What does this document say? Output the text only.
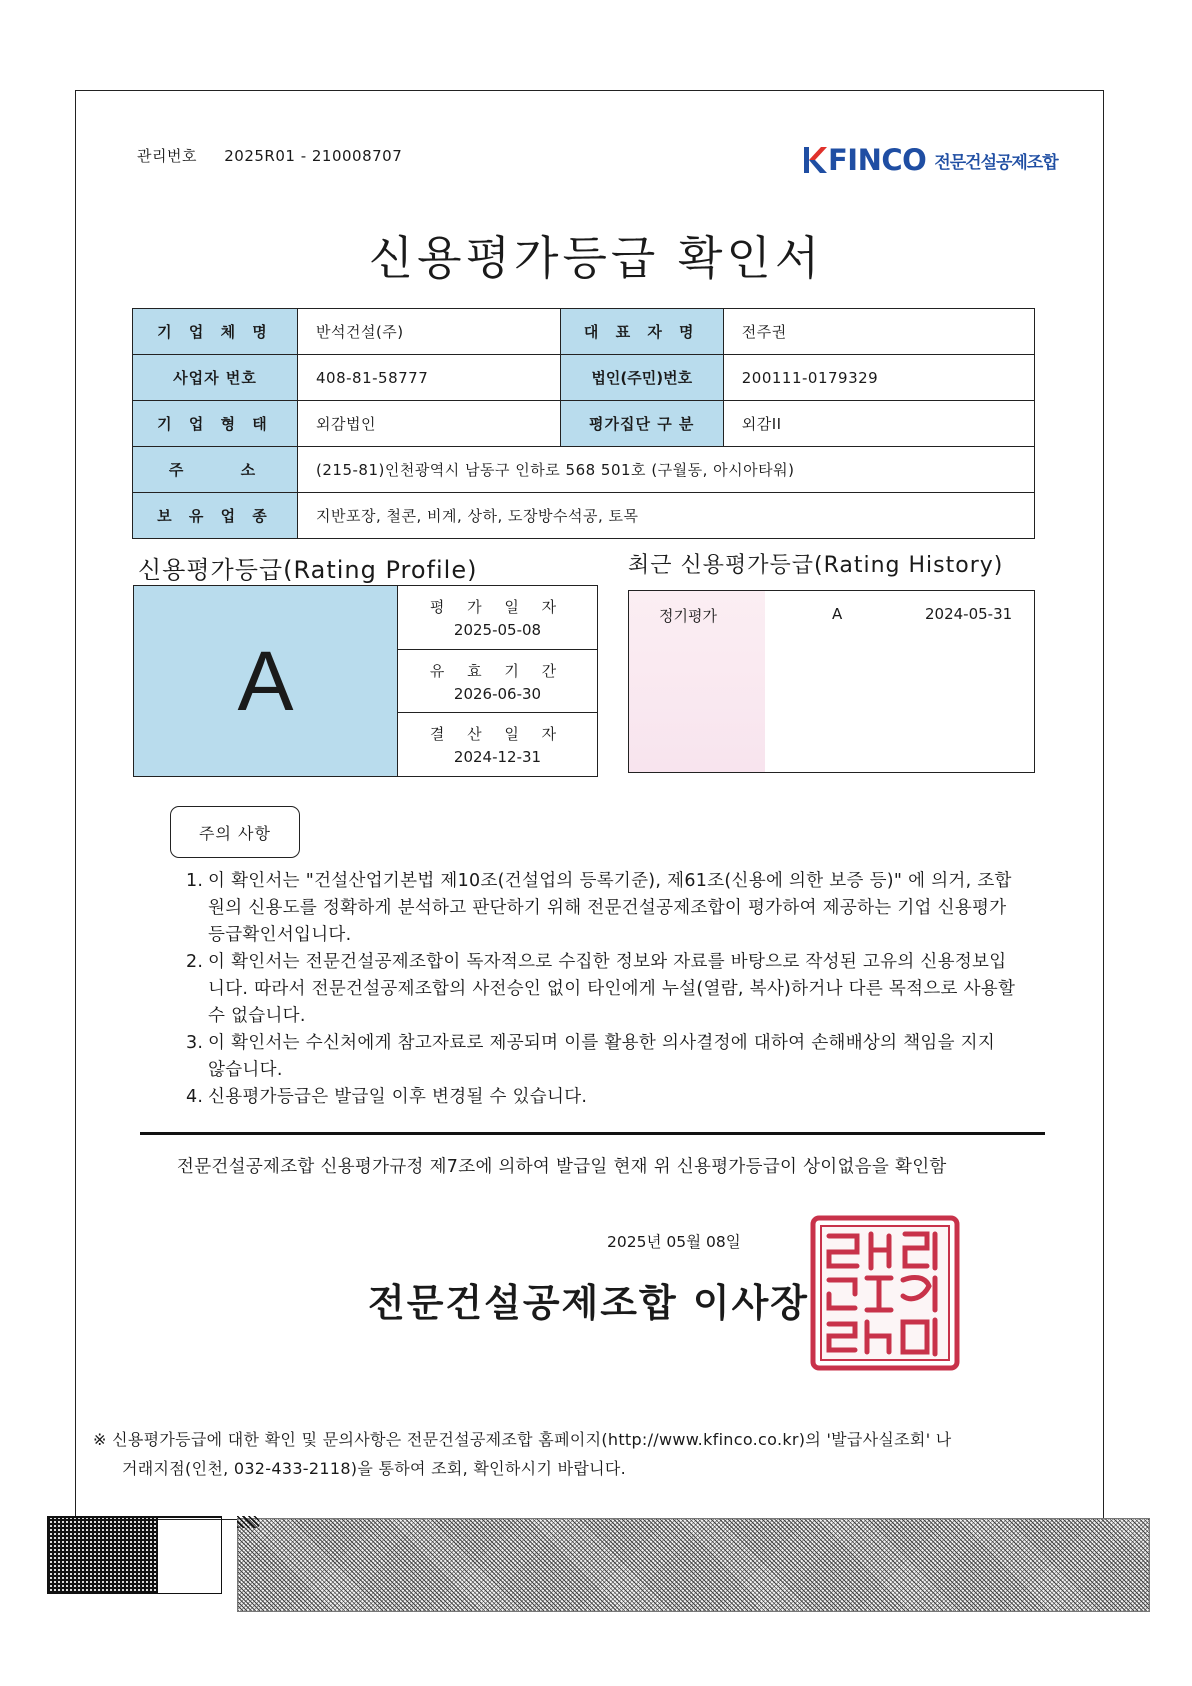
관리번호 2025R01 - 210008707	FINCO 전문건설공제조합
신용평가등급 확인서
기 업 체 명	반석건설(주)	대 표 자 명	전주권
사업자 번호	408-81-58777	법인(주민)번호	200111-0179329
기 업 형 태	외감법인	평가집단 구 분	외감II
주 소	(215-81)인천광역시 남동구 인하로 568 501호 (구월동, 아시아타워)		
보 유 업 종	지반포장, 철콘, 비계, 상하, 도장방수석공, 토목		
신용평가등급(Rating Profile)	최근 신용평가등급(Rating History)
A
평 가 일 자
2025-05-08
유 효 기 간
2026-06-30
결 산 일 자
2024-12-31
정기평가	A	2024-05-31
주의 사항
1. 이 확인서는 "건설산업기본법 제10조(건설업의 등록기준), 제61조(신용에 의한 보증 등)" 에 의거, 조합원의 신용도를 정확하게 분석하고 판단하기 위해 전문건설공제조합이 평가하여 제공하는 기업 신용평가등급확인서입니다.
2. 이 확인서는 전문건설공제조합이 독자적으로 수집한 정보와 자료를 바탕으로 작성된 고유의 신용정보입니다. 따라서 전문건설공제조합의 사전승인 없이 타인에게 누설(열람, 복사)하거나 다른 목적으로 사용할 수 없습니다.
3. 이 확인서는 수신처에게 참고자료로 제공되며 이를 활용한 의사결정에 대하여 손해배상의 책임을 지지 않습니다.
4. 신용평가등급은 발급일 이후 변경될 수 있습니다.
전문건설공제조합 신용평가규정 제7조에 의하여 발급일 현재 위 신용평가등급이 상이없음을 확인함
2025년 05월 08일
전문건설공제조합 이사장
※ 신용평가등급에 대한 확인 및 문의사항은 전문건설공제조합 홈페이지(http://www.kfinco.co.kr)의 '발급사실조회' 나
거래지점(인천, 032-433-2118)을 통하여 조회, 확인하시기 바랍니다.
